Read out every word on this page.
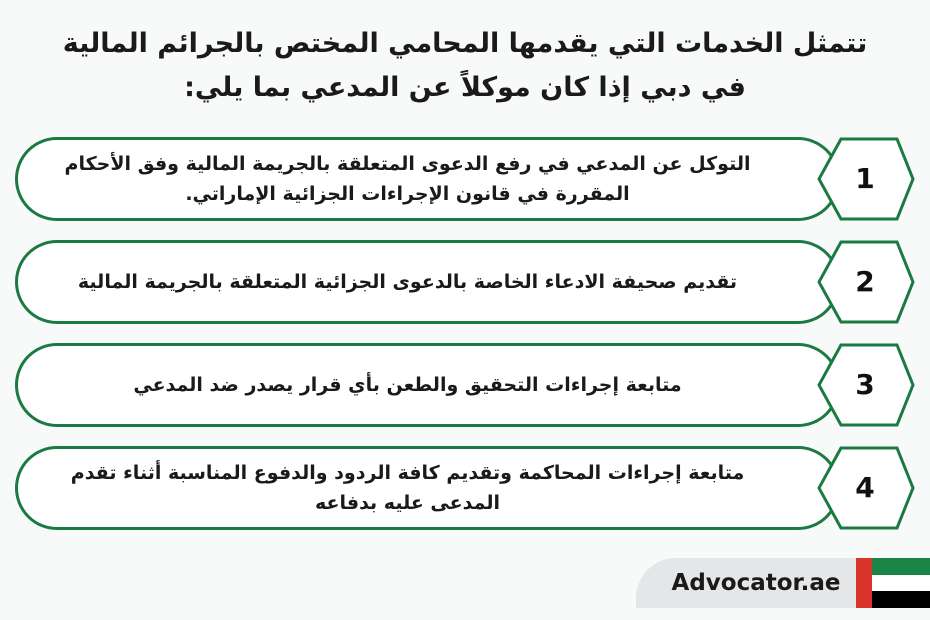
تتمثل الخدمات التي يقدمها المحامي المختص بالجرائم المالية في دبي إذا كان موكلاً عن المدعي بما يلي:
التوكل عن المدعي في رفع الدعوى المتعلقة بالجريمة المالية وفق الأحكام المقررة في قانون الإجراءات الجزائية الإماراتي.	1
تقديم صحيفة الادعاء الخاصة بالدعوى الجزائية المتعلقة بالجريمة المالية	2
متابعة إجراءات التحقيق والطعن بأي قرار يصدر ضد المدعي	3
متابعة إجراءات المحاكمة وتقديم كافة الردود والدفوع المناسبة أثناء تقدم المدعى عليه بدفاعه	4
Advocator.ae
